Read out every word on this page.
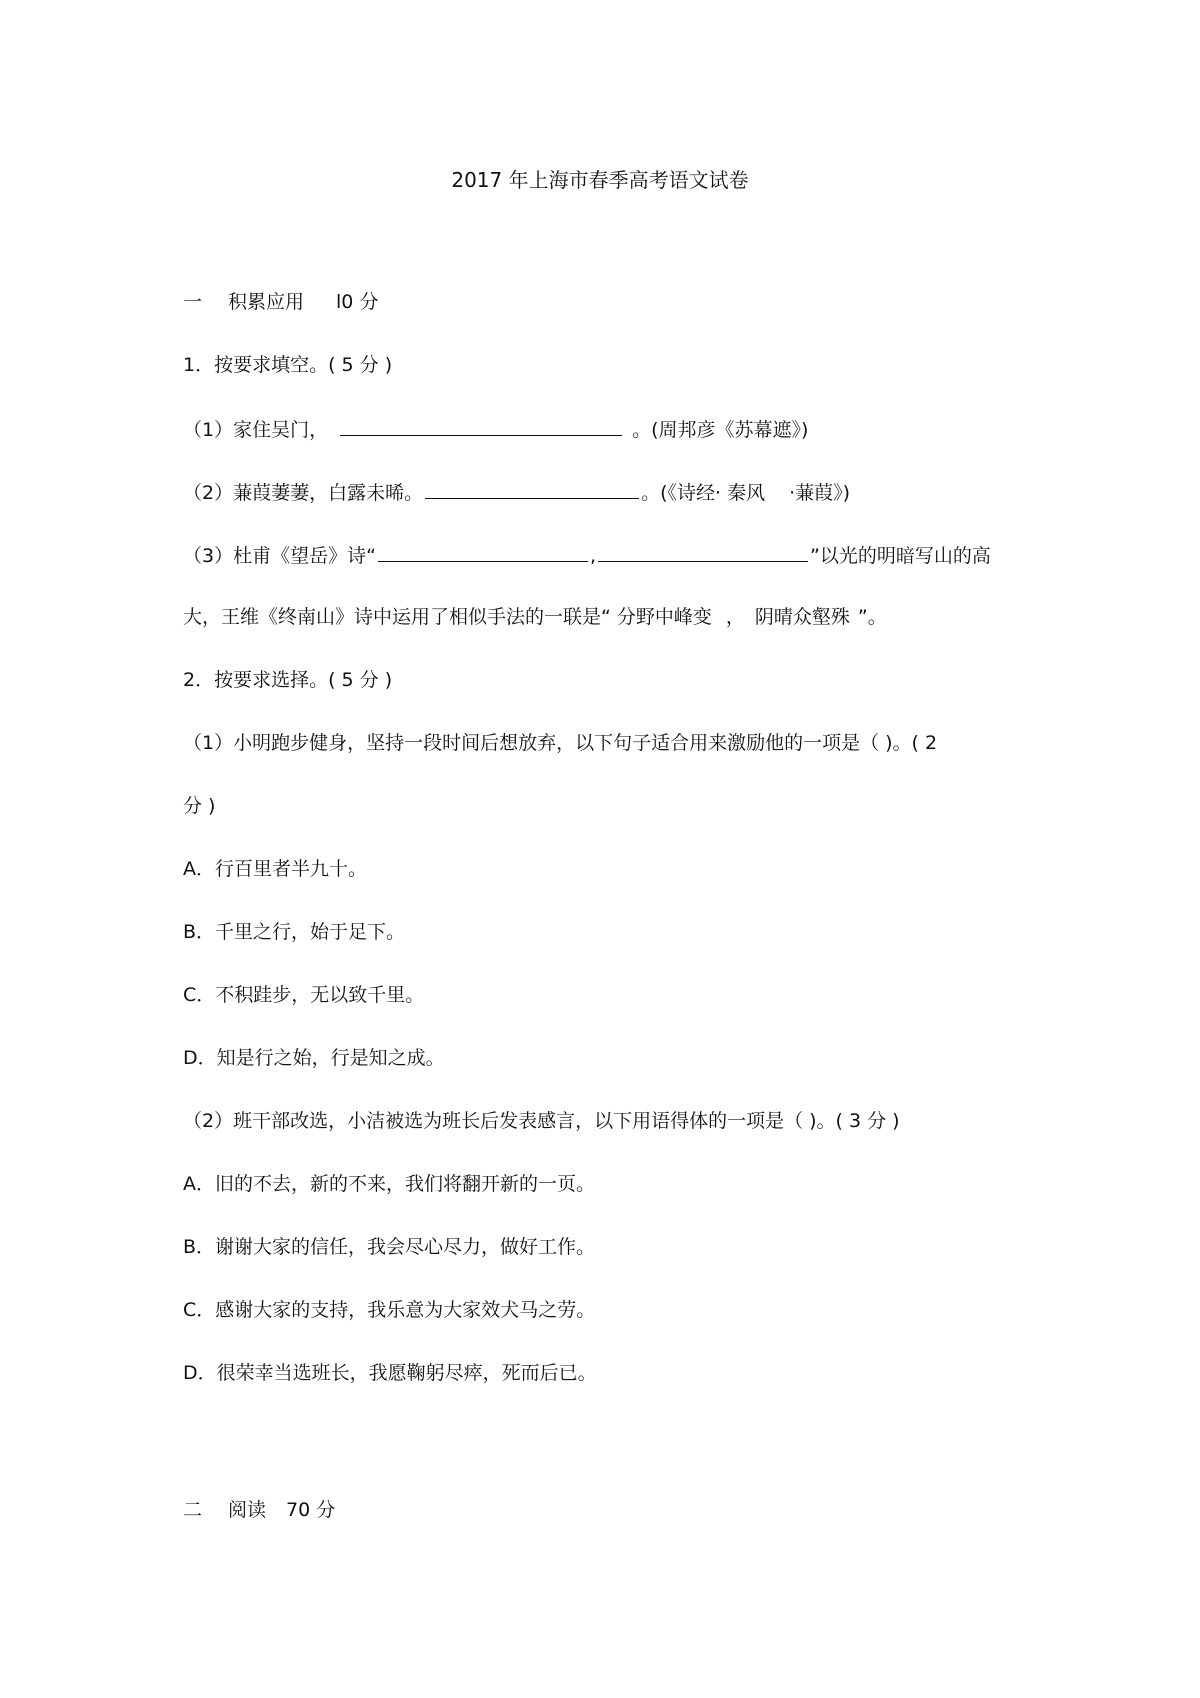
2017 年上海市春季高考语文试卷
一 积累应用 l0 分
1．按要求填空。( 5 分 )
（1）家住吴门，	。(周邦彦《苏幕遮》)
（2）蒹葭萋萋，白露未晞。	。(《诗经· 秦风 ·蒹葭》)
（3）杜甫《望岳》诗“	,	”以光的明暗写山的高
大，王维《终南山》诗中运用了相似手法的一联是“ 分野中峰变 ， 阴晴众壑殊 ”。
2．按要求选择。( 5 分 )
（1）小明跑步健身，坚持一段时间后想放弃，以下句子适合用来激励他的一项是（ )。( 2
分 )
A．行百里者半九十。
B．千里之行，始于足下。
C．不积跬步，无以致千里。
D．知是行之始，行是知之成。
（2）班干部改选，小洁被选为班长后发表感言，以下用语得体的一项是（ )。( 3 分 )
A．旧的不去，新的不来，我们将翻开新的一页。
B．谢谢大家的信任，我会尽心尽力，做好工作。
C．感谢大家的支持，我乐意为大家效犬马之劳。
D．很荣幸当选班长，我愿鞠躬尽瘁，死而后已。
二 阅读 70 分
